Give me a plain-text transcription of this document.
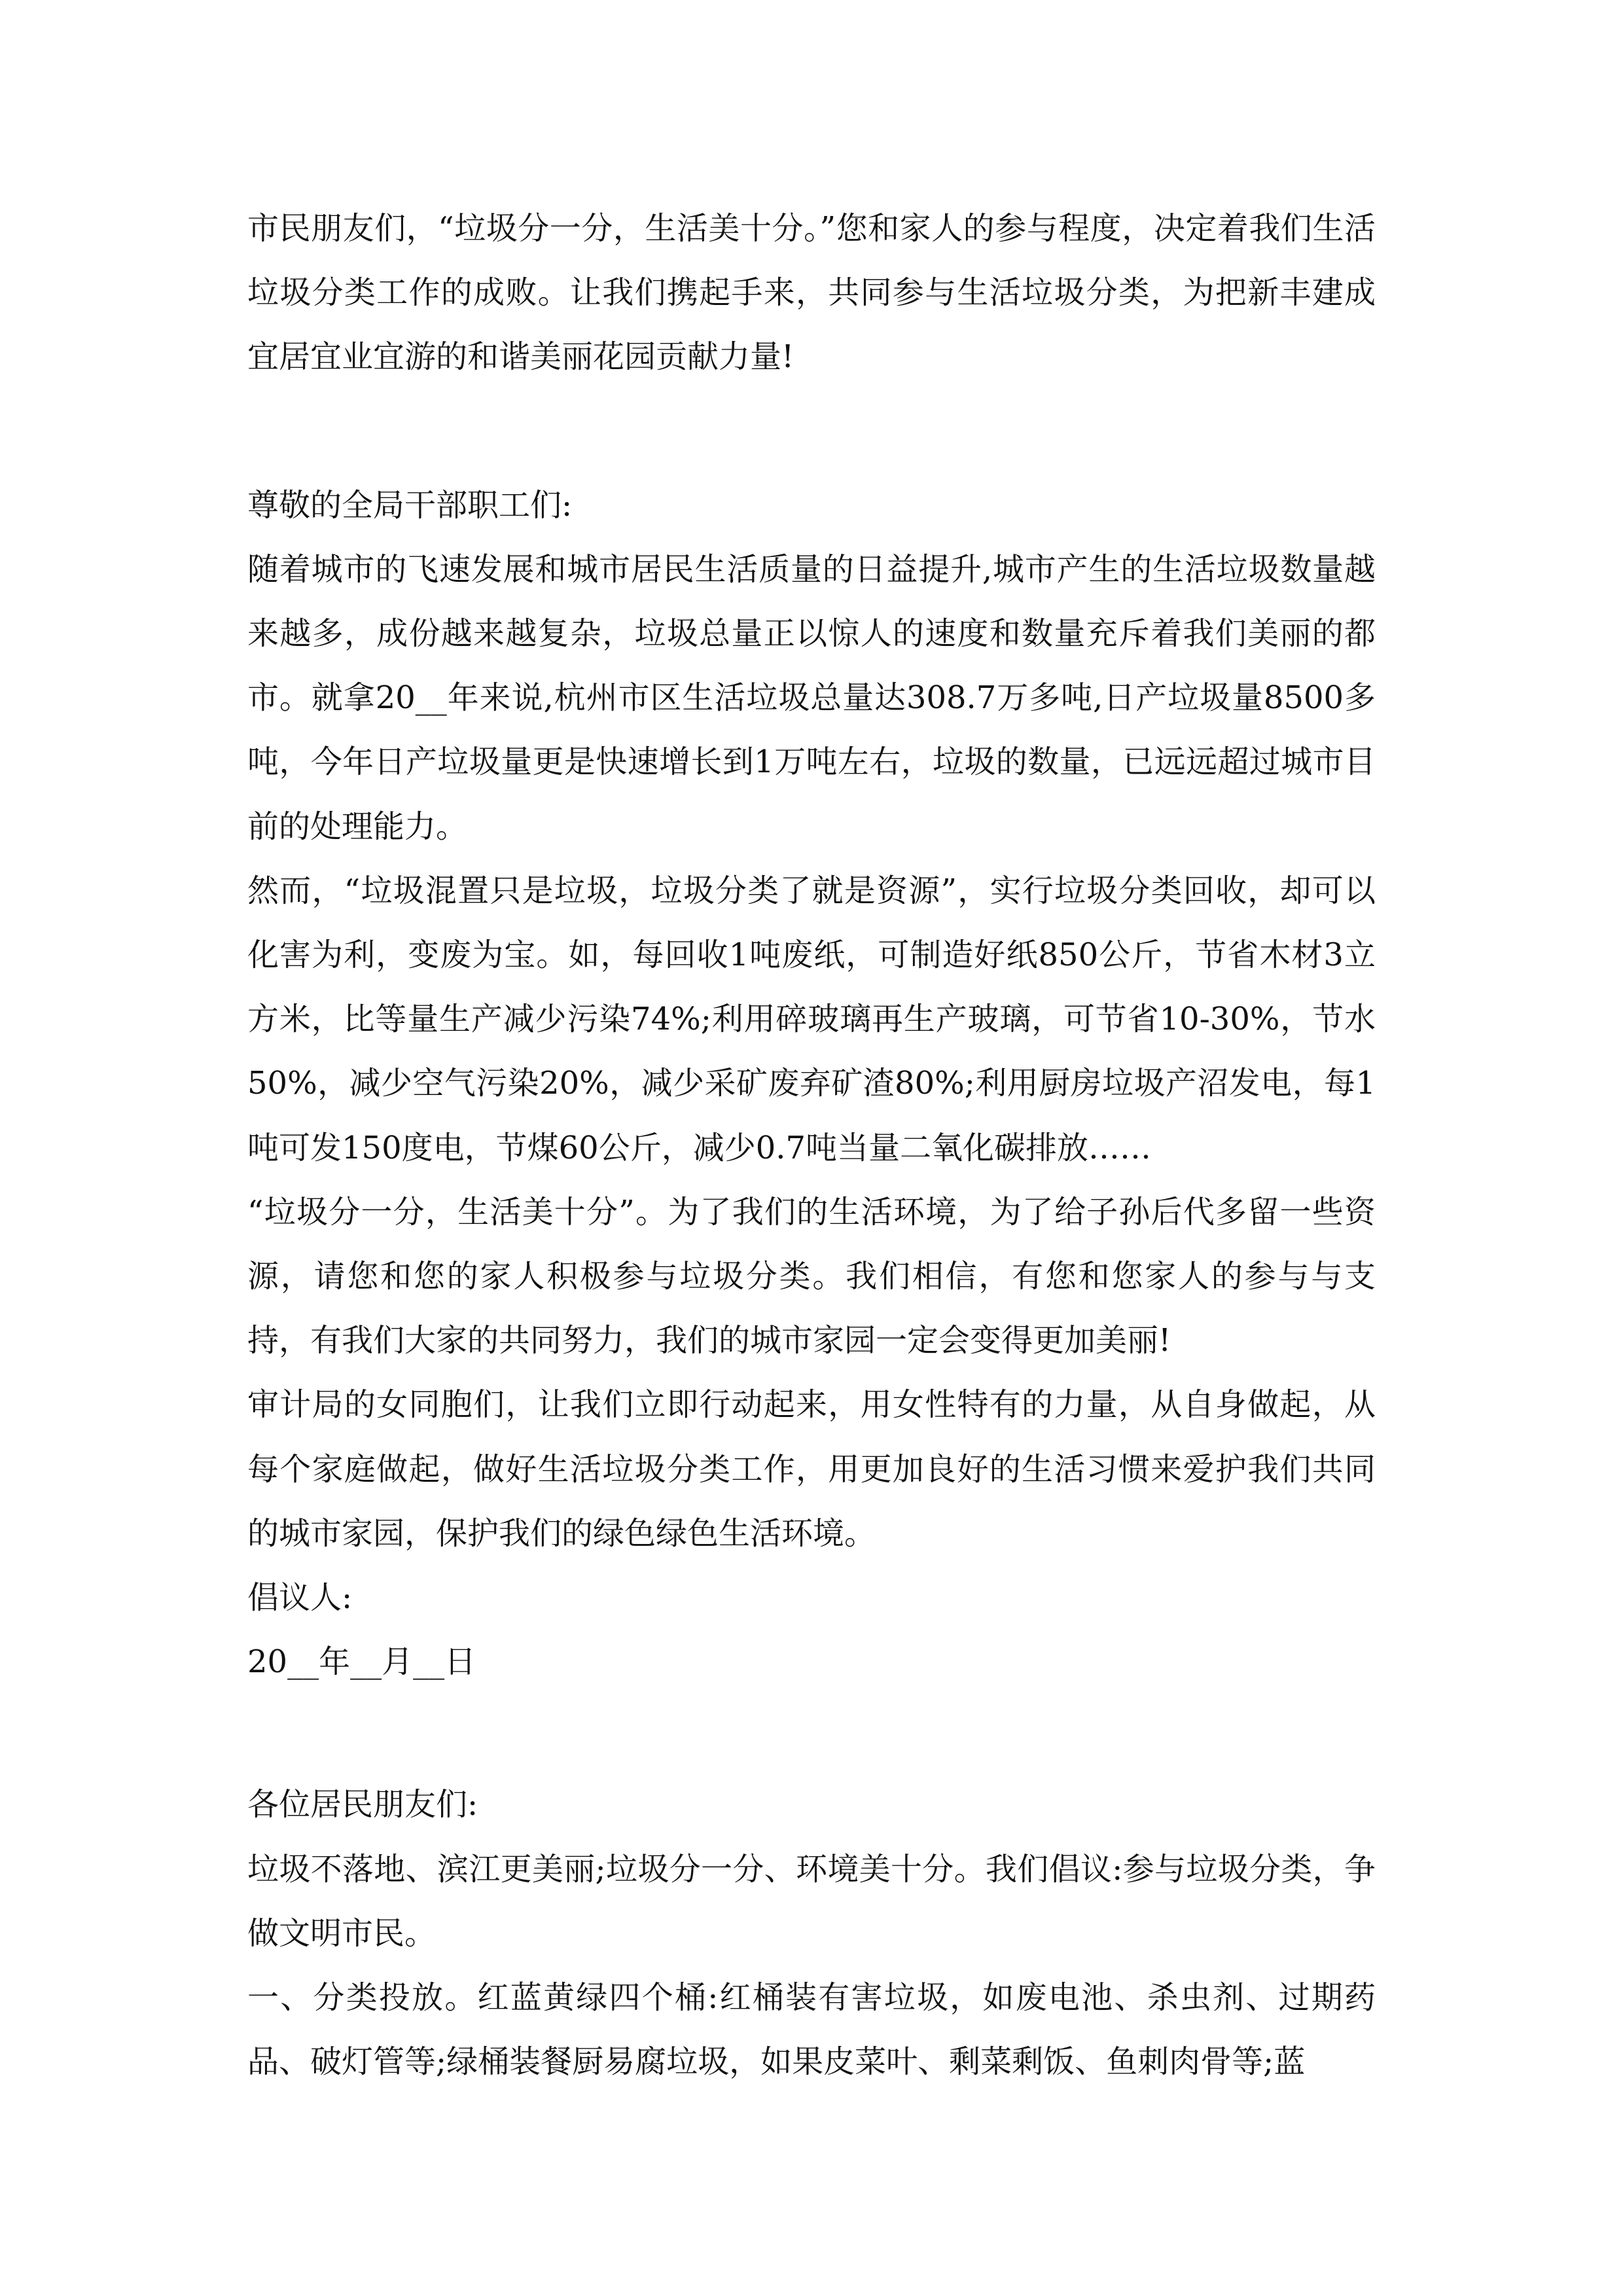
市民朋友们，“垃圾分一分，生活美十分。”您和家人的参与程度，决定着我们生活垃圾分类工作的成败。让我们携起手来，共同参与生活垃圾分类，为把新丰建成宜居宜业宜游的和谐美丽花园贡献力量!

尊敬的全局干部职工们:

随着城市的飞速发展和城市居民生活质量的日益提升,城市产生的生活垃圾数量越来越多，成份越来越复杂，垃圾总量正以惊人的速度和数量充斥着我们美丽的都市。就拿20__年来说,杭州市区生活垃圾总量达308.7万多吨,日产垃圾量8500多吨，今年日产垃圾量更是快速增长到1万吨左右，垃圾的数量，已远远超过城市目前的处理能力。

然而，“垃圾混置只是垃圾，垃圾分类了就是资源”，实行垃圾分类回收，却可以化害为利，变废为宝。如，每回收1吨废纸，可制造好纸850公斤，节省木材3立方米，比等量生产减少污染74%;利用碎玻璃再生产玻璃，可节省10-30%，节水50%，减少空气污染20%，减少采矿废弃矿渣80%;利用厨房垃圾产沼发电，每1吨可发150度电，节煤60公斤，减少0.7吨当量二氧化碳排放……

“垃圾分一分，生活美十分”。为了我们的生活环境，为了给子孙后代多留一些资源，请您和您的家人积极参与垃圾分类。我们相信，有您和您家人的参与与支持，有我们大家的共同努力，我们的城市家园一定会变得更加美丽!

审计局的女同胞们，让我们立即行动起来，用女性特有的力量，从自身做起，从每个家庭做起，做好生活垃圾分类工作，用更加良好的生活习惯来爱护我们共同的城市家园，保护我们的绿色绿色生活环境。

倡议人:

20__年__月__日

各位居民朋友们:

垃圾不落地、滨江更美丽;垃圾分一分、环境美十分。我们倡议:参与垃圾分类，争做文明市民。

一、分类投放。红蓝黄绿四个桶:红桶装有害垃圾，如废电池、杀虫剂、过期药品、破灯管等;绿桶装餐厨易腐垃圾，如果皮菜叶、剩菜剩饭、鱼刺肉骨等;蓝
